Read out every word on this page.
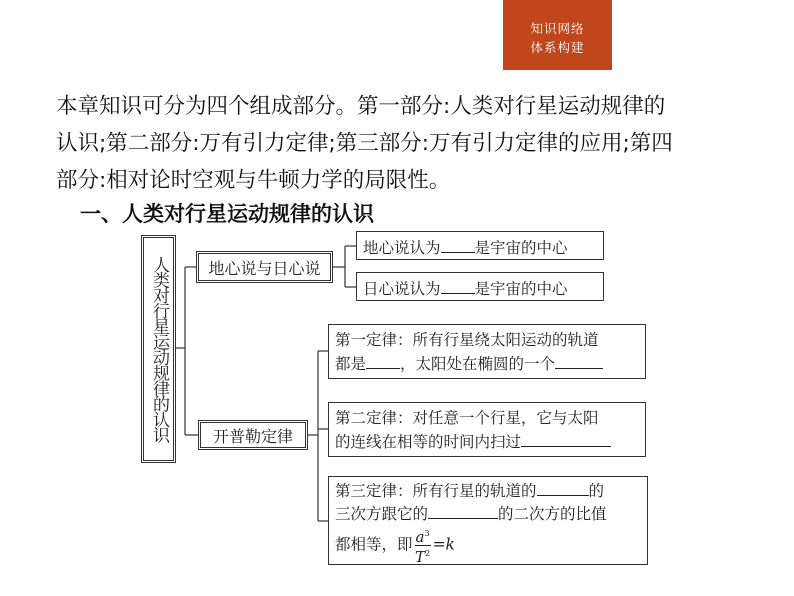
知识网络
体系构建
本章知识可分为四个组成部分。第一部分:人类对行星运动规律的
认识;第二部分:万有引力定律;第三部分:万有引力定律的应用;第四
部分:相对论时空观与牛顿力学的局限性。
一、人类对行星运动规律的认识
人类对行星运动规律的认识 地心说与日心说
开普勒定律
地心说认为 是宇宙的中心
日心说认为 是宇宙的中心
第一定律：所有行星绕太阳运动的轨道
都是 ，太阳处在椭圆的一个
第二定律：对任意一个行星，它与太阳
的连线在相等的时间内扫过
第三定律：所有行星的轨道的	的
三次方跟它的	的二次方的比值
都相等，即 $\frac{a^3}{T^2} =k$
